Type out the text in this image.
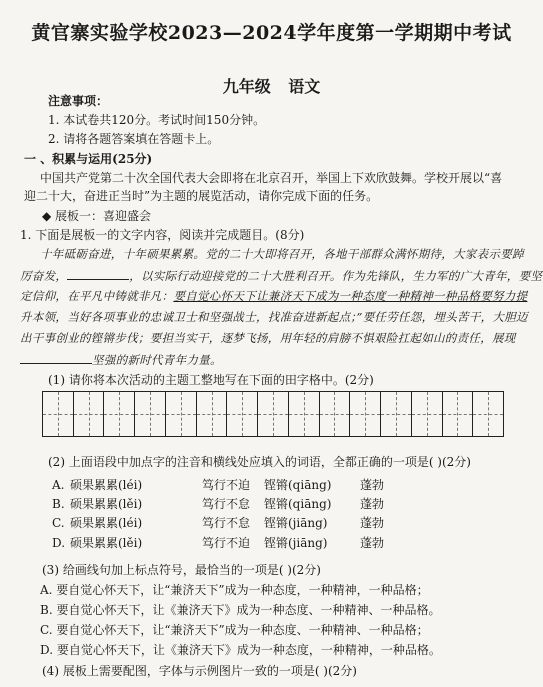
黄官寨实验学校2023—2024学年度第一学期期中考试
九年级 语文
注意事项：
1. 本试卷共120分。考试时间150分钟。
2. 请将各题答案填在答题卡上。
一 、积累与运用(25分)
中国共产党第二十次全国代表大会即将在北京召开，举国上下欢欣鼓舞。学校开展以“喜
迎二十大，奋进正当时”为主题的展览活动，请你完成下面的任务。
◆ 展板一：喜迎盛会
1. 下面是展板一的文字内容，阅读并完成题目。(8分)
十年砥砺奋进，十年硕果累累。党的二十大即将召开，各地干部群众满怀期待，大家表示要踔
厉奋发，	，以实际行动迎接党的二十大胜利召开。作为先锋队，生力军的广大青年，要坚
定信仰，在平凡中铸就非凡：要自觉心怀天下让兼济天下成为一种态度一种精神一种品格要努力提
升本领，当好各项事业的忠诚卫士和坚强战士，找准奋进新起点；”要任劳任怨，埋头苦干，大胆迈
出干事创业的铿锵步伐；要担当实干，逐梦飞扬，用年轻的肩膀不惧艰险扛起如山的责任，展现
坚强的新时代青年力量。
(1) 请你将本次活动的主题工整地写在下面的田字格中。(2分)
(2) 上面语段中加点字的注音和横线处应填入的词语，全都正确的一项是( )(2分)
A. 硕果累累(léi)	笃行不迫 铿锵(qiāng) 蓬勃
B. 硕果累累(lěi)	笃行不怠 铿锵(qiāng) 蓬勃
C. 硕果累累(léi)	笃行不怠 铿锵(jiāng)	蓬勃
D. 硕果累累(lěi)	笃行不迫 铿锵(jiāng)	蓬勃
(3) 给画线句加上标点符号，最恰当的一项是( )(2分)
A. 要自觉心怀天下，让“兼济天下”成为一种态度，一种精神，一种品格；
B. 要自觉心怀天下，让《兼济天下》成为一种态度、一种精神、一种品格。
C. 要自觉心怀天下，让“兼济天下”成为一种态度、一种精神、一种品格；
D. 要自觉心怀天下，让《兼济天下》成为一种态度，一种精神，一种品格。
(4) 展板上需要配图，字体与示例图片一致的一项是( )(2分)
